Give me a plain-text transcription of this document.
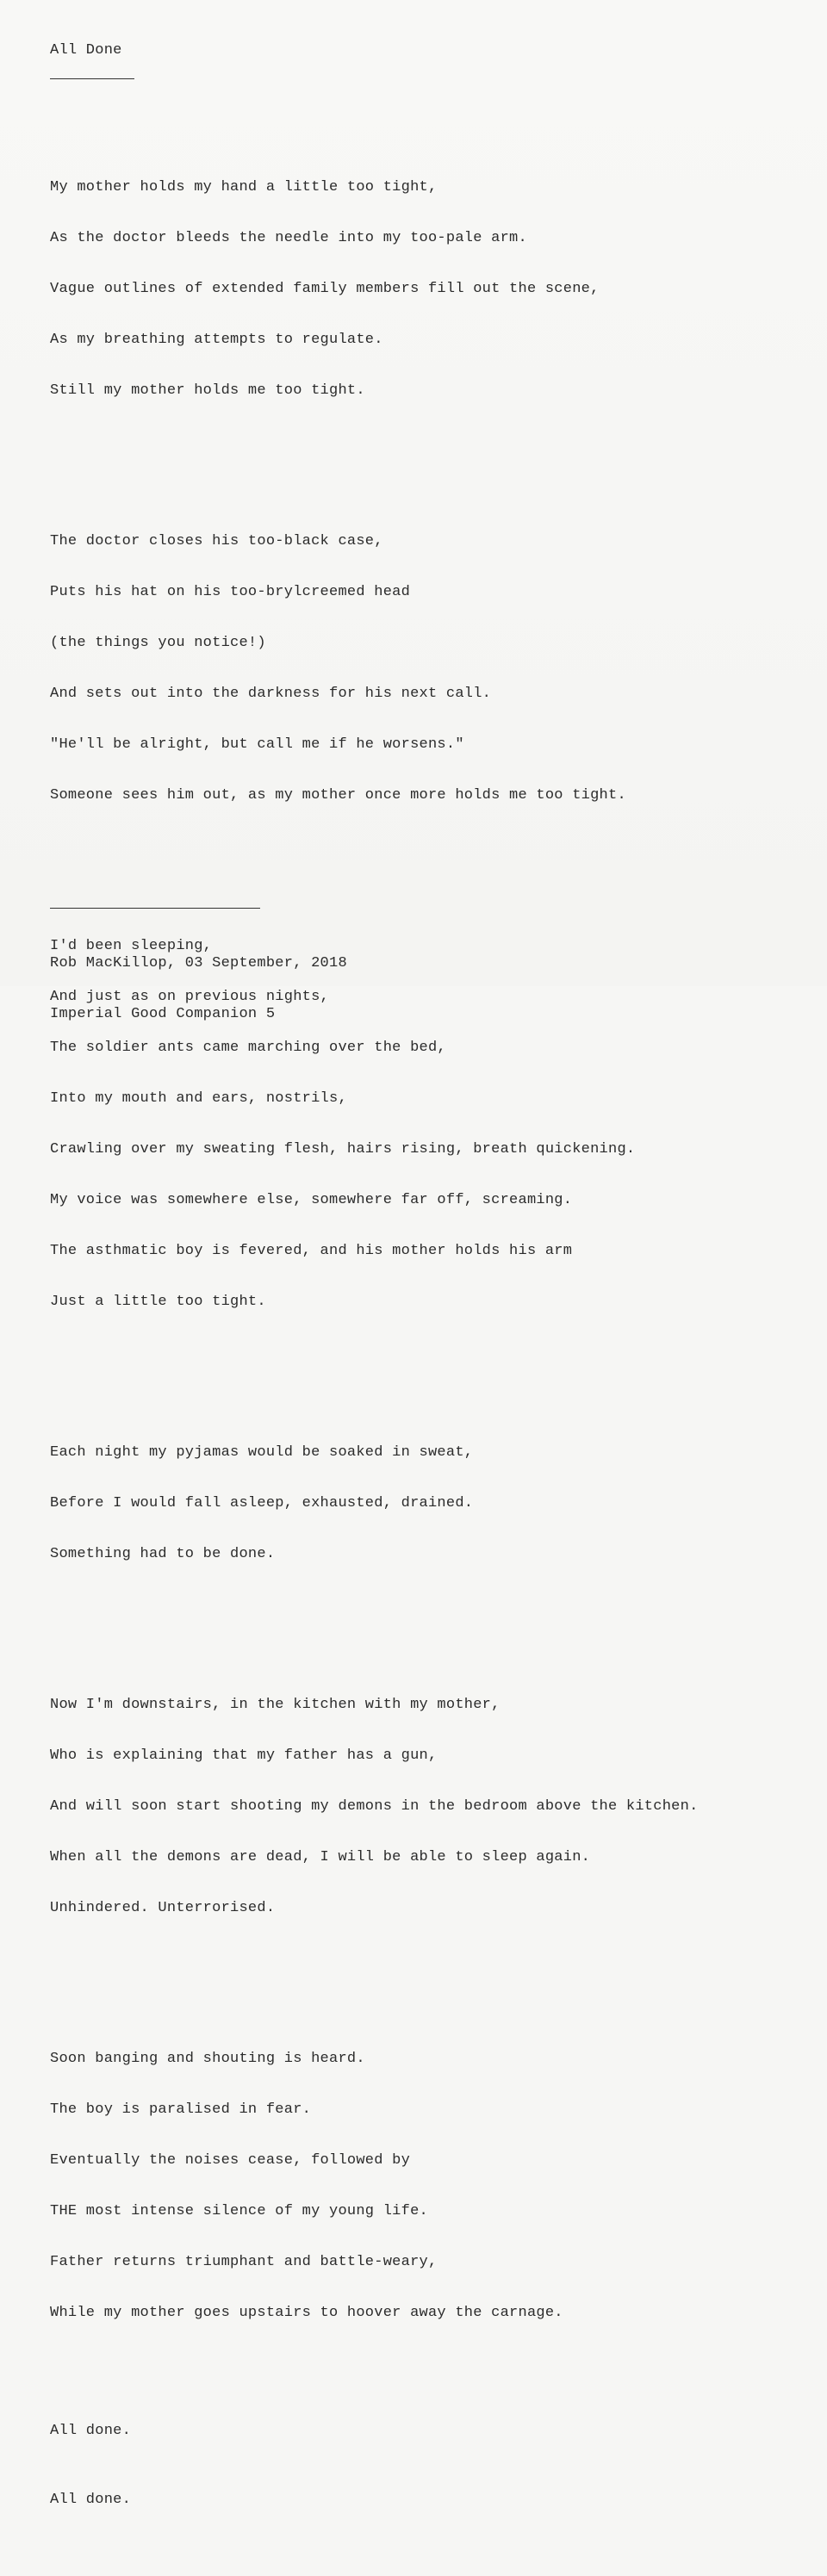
All Done

My mother holds my hand a little too tight,

As the doctor bleeds the needle into my too-pale arm.

Vague outlines of extended family members fill out the scene,

As my breathing attempts to regulate.

Still my mother holds me too tight.

The doctor closes his too-black case,

Puts his hat on his too-brylcreemed head

(the things you notice!)

And sets out into the darkness for his next call.

"He'll be alright, but call me if he worsens."

Someone sees him out, as my mother once more holds me too tight.

I'd been sleeping,

And just as on previous nights,

The soldier ants came marching over the bed,

Into my mouth and ears, nostrils,

Crawling over my sweating flesh, hairs rising, breath quickening.

My voice was somewhere else, somewhere far off, screaming.

The asthmatic boy is fevered, and his mother holds his arm

Just a little too tight.

Each night my pyjamas would be soaked in sweat,

Before I would fall asleep, exhausted, drained.

Something had to be done.

Now I'm downstairs, in the kitchen with my mother,

Who is explaining that my father has a gun,

And will soon start shooting my demons in the bedroom above the kitchen.

When all the demons are dead, I will be able to sleep again.

Unhindered. Unterrorised.

Soon banging and shouting is heard.

The boy is paralised in fear.

Eventually the noises cease, followed by

THE most intense silence of my young life.

Father returns triumphant and battle-weary,

While my mother goes upstairs to hoover away the carnage.

All done.

All done.

Rob MacKillop, 03 September, 2018

Imperial Good Companion 5
